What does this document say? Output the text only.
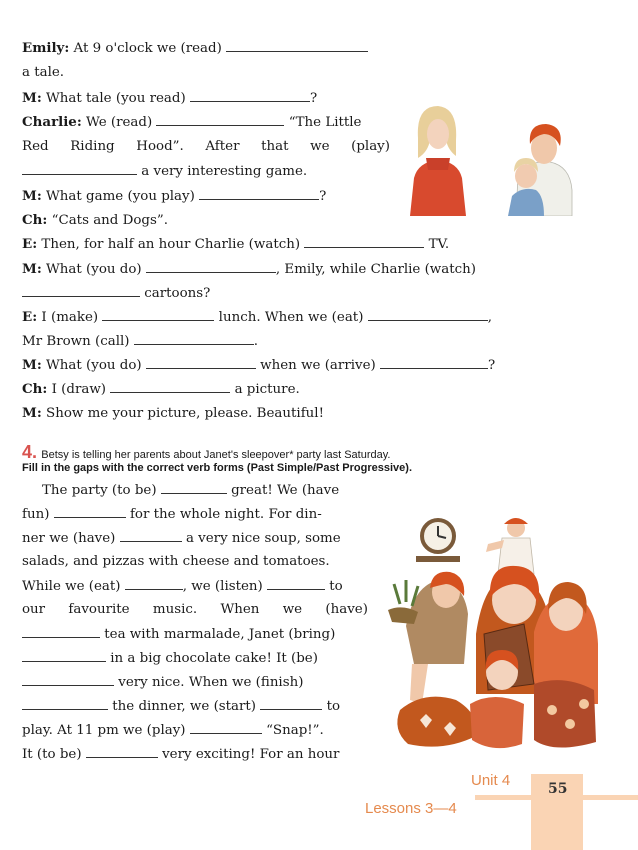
Emily: At 9 o'clock we (read)
a tale.
M: What tale (you read)	?
Charlie: We (read)	“The Little
Red Riding Hood”. After that we (play)
a very interesting game.
M: What game (you play)	?
Ch: “Cats and Dogs”.
E: Then, for half an hour Charlie (watch)	TV.
M: What (you do)	, Emily, while Charlie (watch)
cartoons?
E: I (make)	lunch. When we (eat)	,
Mr Brown (call)	.
M: What (you do)	when we (arrive)	?
Ch: I (draw)	a picture.
M: Show me your picture, please. Beautiful!
4. Betsy is telling her parents about Janet's sleepover* party last Saturday.
Fill in the gaps with the correct verb forms (Past Simple/Past Progressive).
The party (to be)	great! We (have
fun)	for the whole night. For din-
ner we (have)	a very nice soup, some
salads, and pizzas with cheese and tomatoes.
While we (eat)	, we (listen)	to
our favourite music. When we (have)
tea with marmalade, Janet (bring)
in a big chocolate cake! It (be)
very nice. When we (finish)
the dinner, we (start)	to
play. At 11 pm we (play)	“Snap!”.
It (to be)	very exciting! For an hour
Unit 4
Lessons 3—4
55
